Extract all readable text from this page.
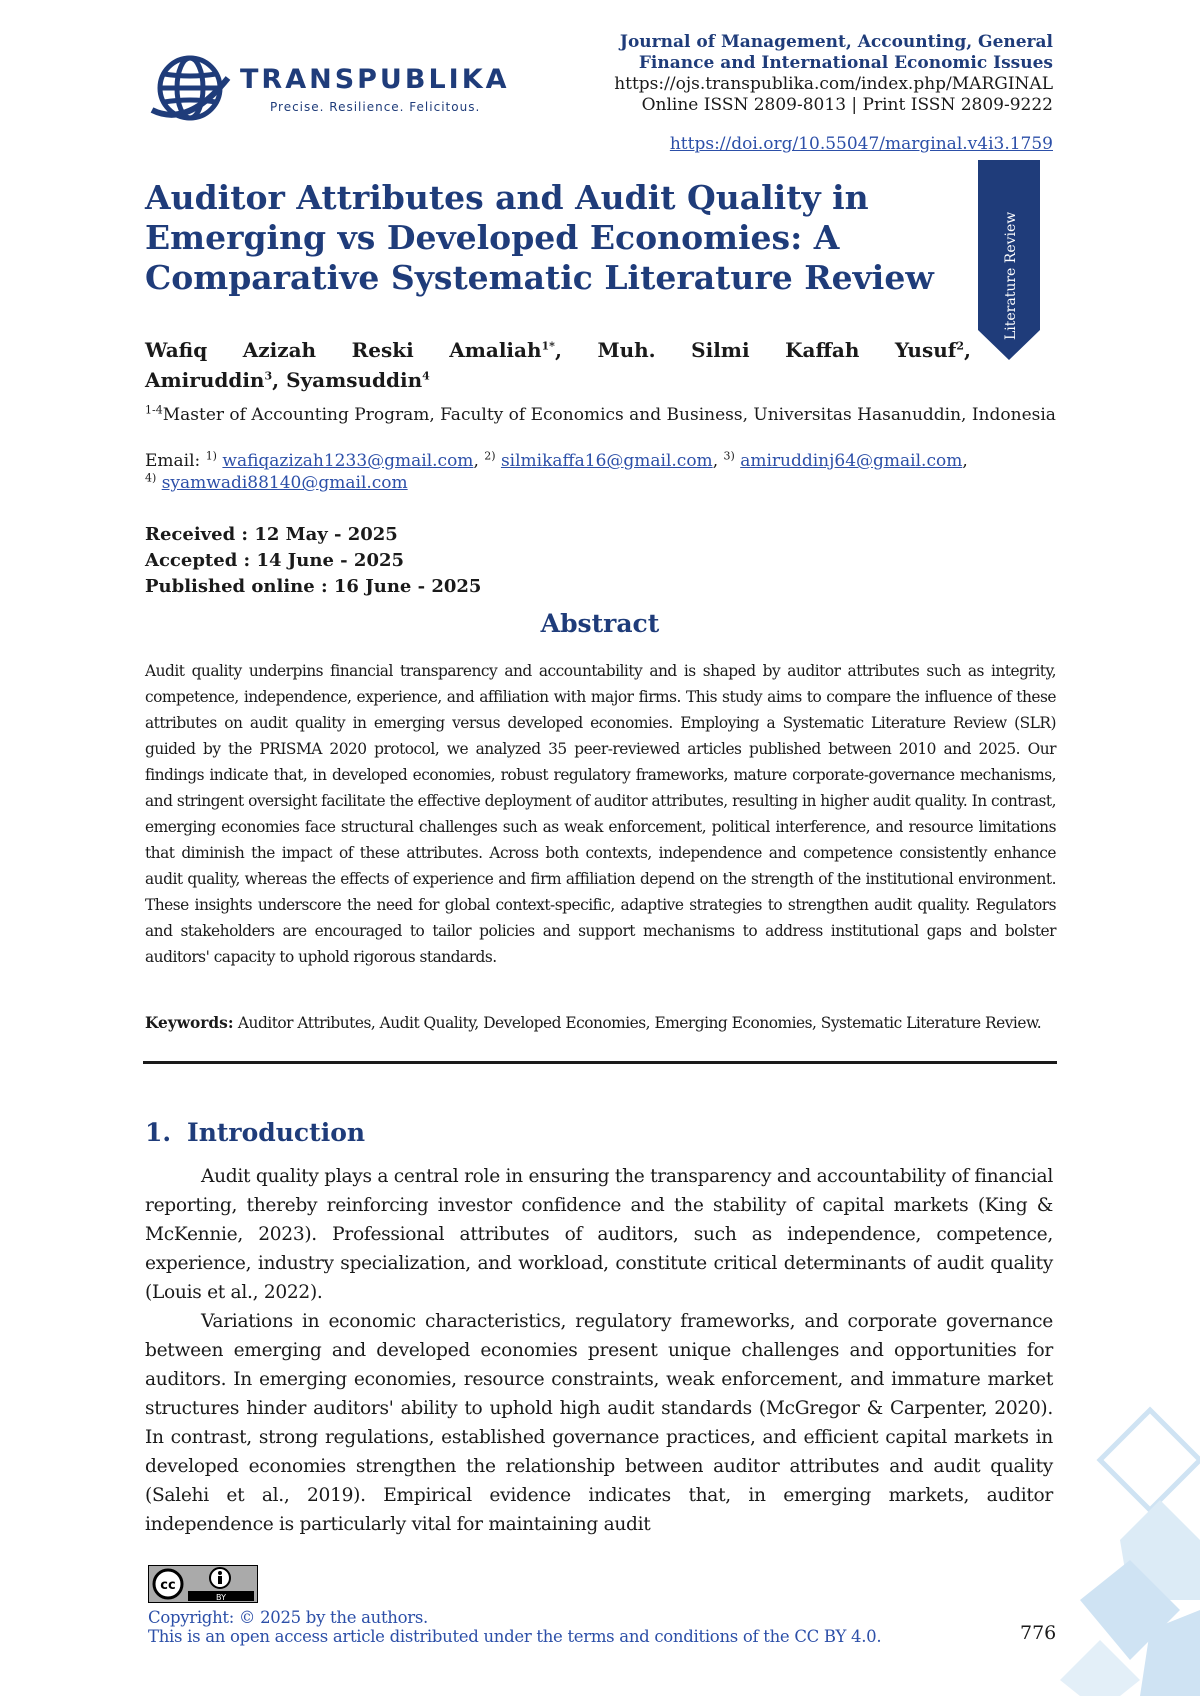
TRANSPUBLIKA
Precise. Resilience. Felicitous.
Journal of Management, Accounting, General
Finance and International Economic Issues
https://ojs.transpublika.com/index.php/MARGINAL
Online ISSN 2809-8013 | Print ISSN 2809-9222
https://doi.org/10.55047/marginal.v4i3.1759
Literature Review
Auditor Attributes and Audit Quality in Emerging vs Developed Economies: A Comparative Systematic Literature Review
Wafiq Azizah Reski Amaliah$^{1*}$, Muh. Silmi Kaffah Yusuf$^2$,
Amiruddin$^3$, Syamsuddin$^4$
$^{1-4}$Master of Accounting Program, Faculty of Economics and Business, Universitas Hasanuddin, Indonesia
Email: $^{1)}$ wafiqazizah1233@gmail.com, $^{2)}$ silmikaffa16@gmail.com, $^{3)}$ amiruddinj64@gmail.com,
$^{4)}$ syamwadi88140@gmail.com
Received : 12 May - 2025
Accepted : 14 June - 2025
Published online : 16 June - 2025
Abstract

Audit quality underpins financial transparency and accountability and is shaped by auditor attributes such as integrity, competence, independence, experience, and affiliation with major firms. This study aims to compare the influence of these attributes on audit quality in emerging versus developed economies. Employing a Systematic Literature Review (SLR) guided by the PRISMA 2020 protocol, we analyzed 35 peer-reviewed articles published between 2010 and 2025. Our findings indicate that, in developed economies, robust regulatory frameworks, mature corporate-governance mechanisms, and stringent oversight facilitate the effective deployment of auditor attributes, resulting in higher audit quality. In contrast, emerging economies face structural challenges such as weak enforcement, political interference, and resource limitations that diminish the impact of these attributes. Across both contexts, independence and competence consistently enhance audit quality, whereas the effects of experience and firm affiliation depend on the strength of the institutional environment. These insights underscore the need for global context-specific, adaptive strategies to strengthen audit quality. Regulators and stakeholders are encouraged to tailor policies and support mechanisms to address institutional gaps and bolster auditors' capacity to uphold rigorous standards.

Keywords: Auditor Attributes, Audit Quality, Developed Economies, Emerging Economies, Systematic Literature Review.
1. Introduction

Audit quality plays a central role in ensuring the transparency and accountability of financial reporting, thereby reinforcing investor confidence and the stability of capital markets (King & McKennie, 2023). Professional attributes of auditors, such as independence, competence, experience, industry specialization, and workload, constitute critical determinants of audit quality (Louis et al., 2022).

Variations in economic characteristics, regulatory frameworks, and corporate governance between emerging and developed economies present unique challenges and opportunities for auditors. In emerging economies, resource constraints, weak enforcement, and immature market structures hinder auditors' ability to uphold high audit standards (McGregor & Carpenter, 2020). In contrast, strong regulations, established governance practices, and efficient capital markets in developed economies strengthen the relationship between auditor attributes and audit quality (Salehi et al., 2019). Empirical evidence indicates that, in emerging markets, auditor independence is particularly vital for maintaining audit

cc
BY
Copyright: © 2025 by the authors.
This is an open access article distributed under the terms and conditions of the CC BY 4.0.	776
